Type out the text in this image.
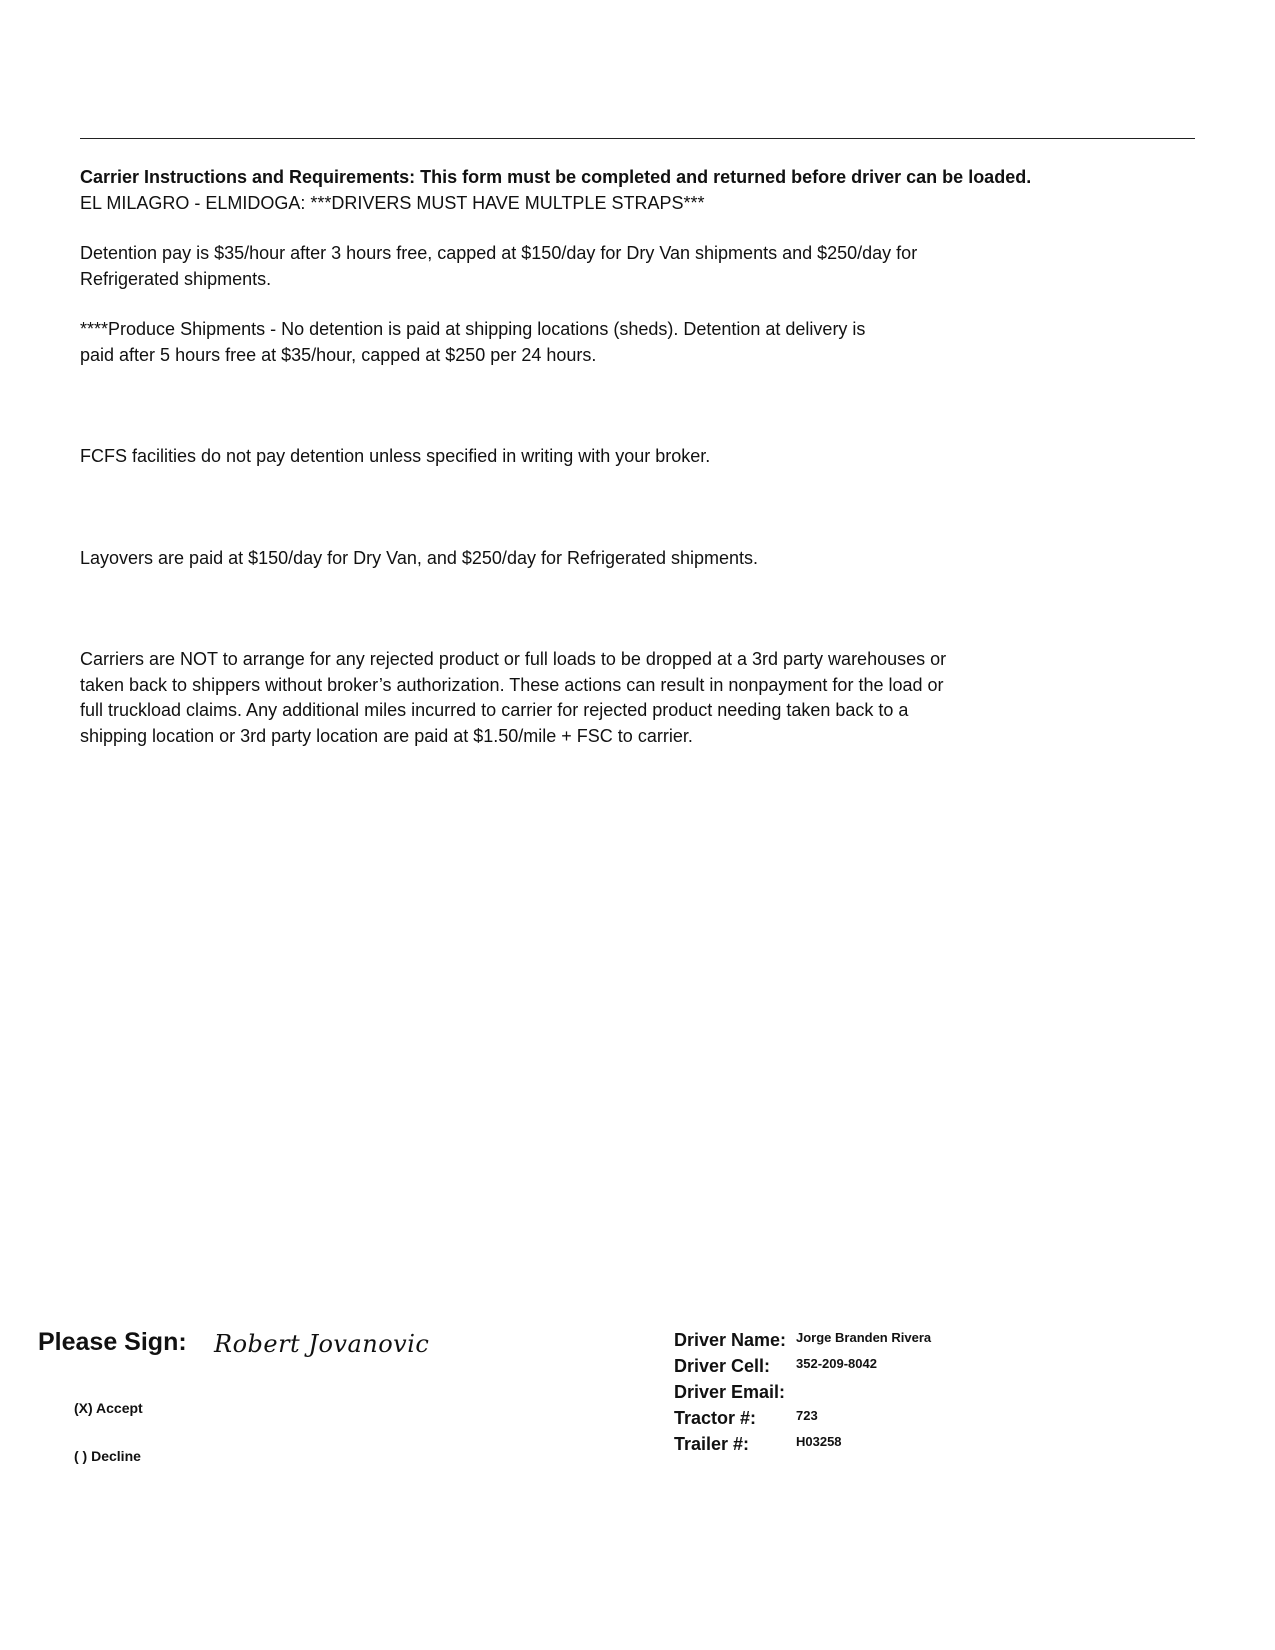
Carrier Instructions and Requirements: This form must be completed and returned before driver can be loaded.

EL MILAGRO - ELMIDOGA: ***DRIVERS MUST HAVE MULTPLE STRAPS***

Detention pay is $35/hour after 3 hours free, capped at $150/day for Dry Van shipments and $250/day for
Refrigerated shipments.
****Produce Shipments - No detention is paid at shipping locations (sheds). Detention at delivery is
paid after 5 hours free at $35/hour, capped at $250 per 24 hours.
FCFS facilities do not pay detention unless specified in writing with your broker.
Layovers are paid at $150/day for Dry Van, and $250/day for Refrigerated shipments.
Carriers are NOT to arrange for any rejected product or full loads to be dropped at a 3rd party warehouses or
taken back to shippers without broker’s authorization. These actions can result in nonpayment for the load or
full truckload claims. Any additional miles incurred to carrier for rejected product needing taken back to a
shipping location or 3rd party location are paid at $1.50/mile + FSC to carrier.
Please Sign: Robert Jovanovic
(X) Accept
( ) Decline
Driver Name: Jorge Branden Rivera
Driver Cell: 352-209-8042
Driver Email:
Tractor #:	723
Trailer #:	H03258
